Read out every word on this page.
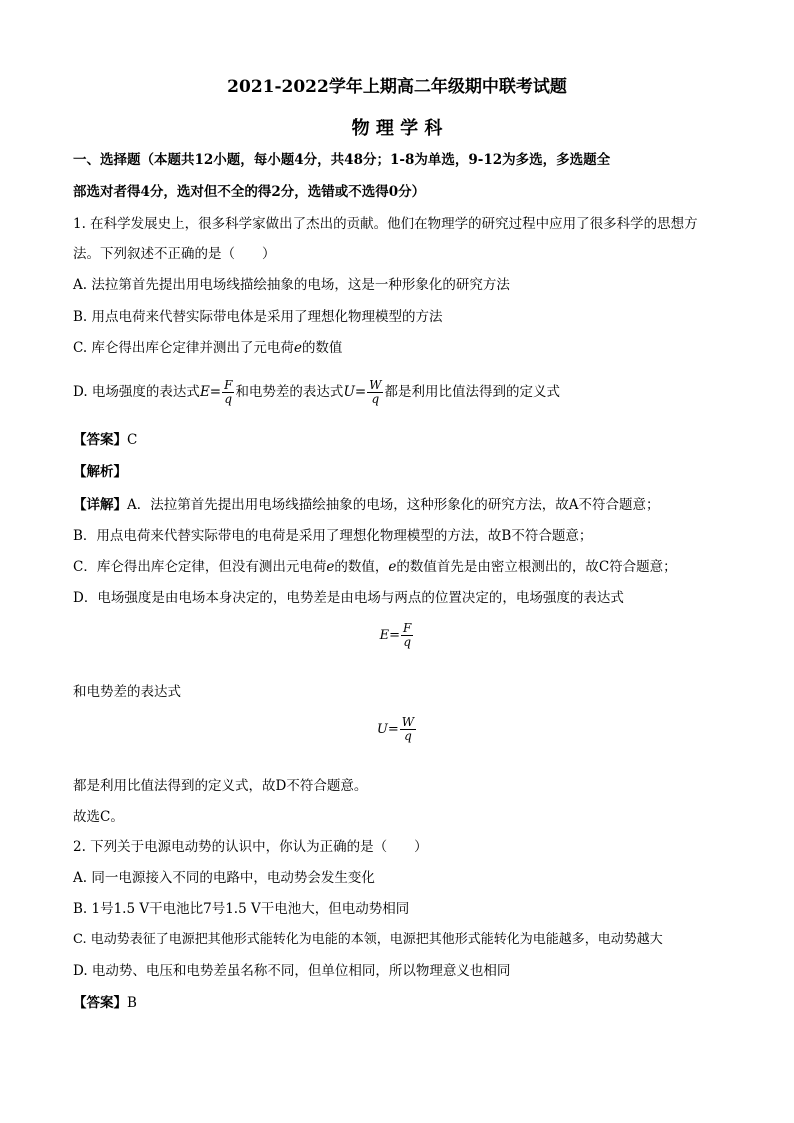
2021-2022学年上期高二年级期中联考试题
物 理 学 科
一、选择题（本题共12小题，每小题4分，共48分；1-8为单选，9-12为多选，多选题全
部选对者得4分，选对但不全的得2分，选错或不选得0分）
1. 在科学发展史上，很多科学家做出了杰出的贡献。他们在物理学的研究过程中应用了很多科学的思想方
法。下列叙述不正确的是（　　）
A. 法拉第首先提出用电场线描绘抽象的电场，这是一种形象化的研究方法
B. 用点电荷来代替实际带电体是采用了理想化物理模型的方法
C. 库仑得出库仑定律并测出了元电荷e的数值
D. 电场强度的表达式$E= \frac{F}{q}$ 和电势差的表达式$U= \frac{W}{q}$ 都是利用比值法得到的定义式
【答案】C
【解析】
【详解】A．法拉第首先提出用电场线描绘抽象的电场，这种形象化的研究方法，故A不符合题意；
B．用点电荷来代替实际带电的电荷是采用了理想化物理模型的方法，故B不符合题意；
C．库仑得出库仑定律，但没有测出元电荷e的数值，e的数值首先是由密立根测出的，故C符合题意；
D．电场强度是由电场本身决定的，电势差是由电场与两点的位置决定的，电场强度的表达式
$E= \frac{F}{q}$
和电势差的表达式
$U= \frac{W}{q}$
都是利用比值法得到的定义式，故D不符合题意。
故选C。
2. 下列关于电源电动势的认识中，你认为正确的是（　　）
A. 同一电源接入不同的电路中，电动势会发生变化
B. 1号1.5 V干电池比7号1.5 V干电池大，但电动势相同
C. 电动势表征了电源把其他形式能转化为电能的本领，电源把其他形式能转化为电能越多，电动势越大
D. 电动势、电压和电势差虽名称不同，但单位相同，所以物理意义也相同
【答案】B
